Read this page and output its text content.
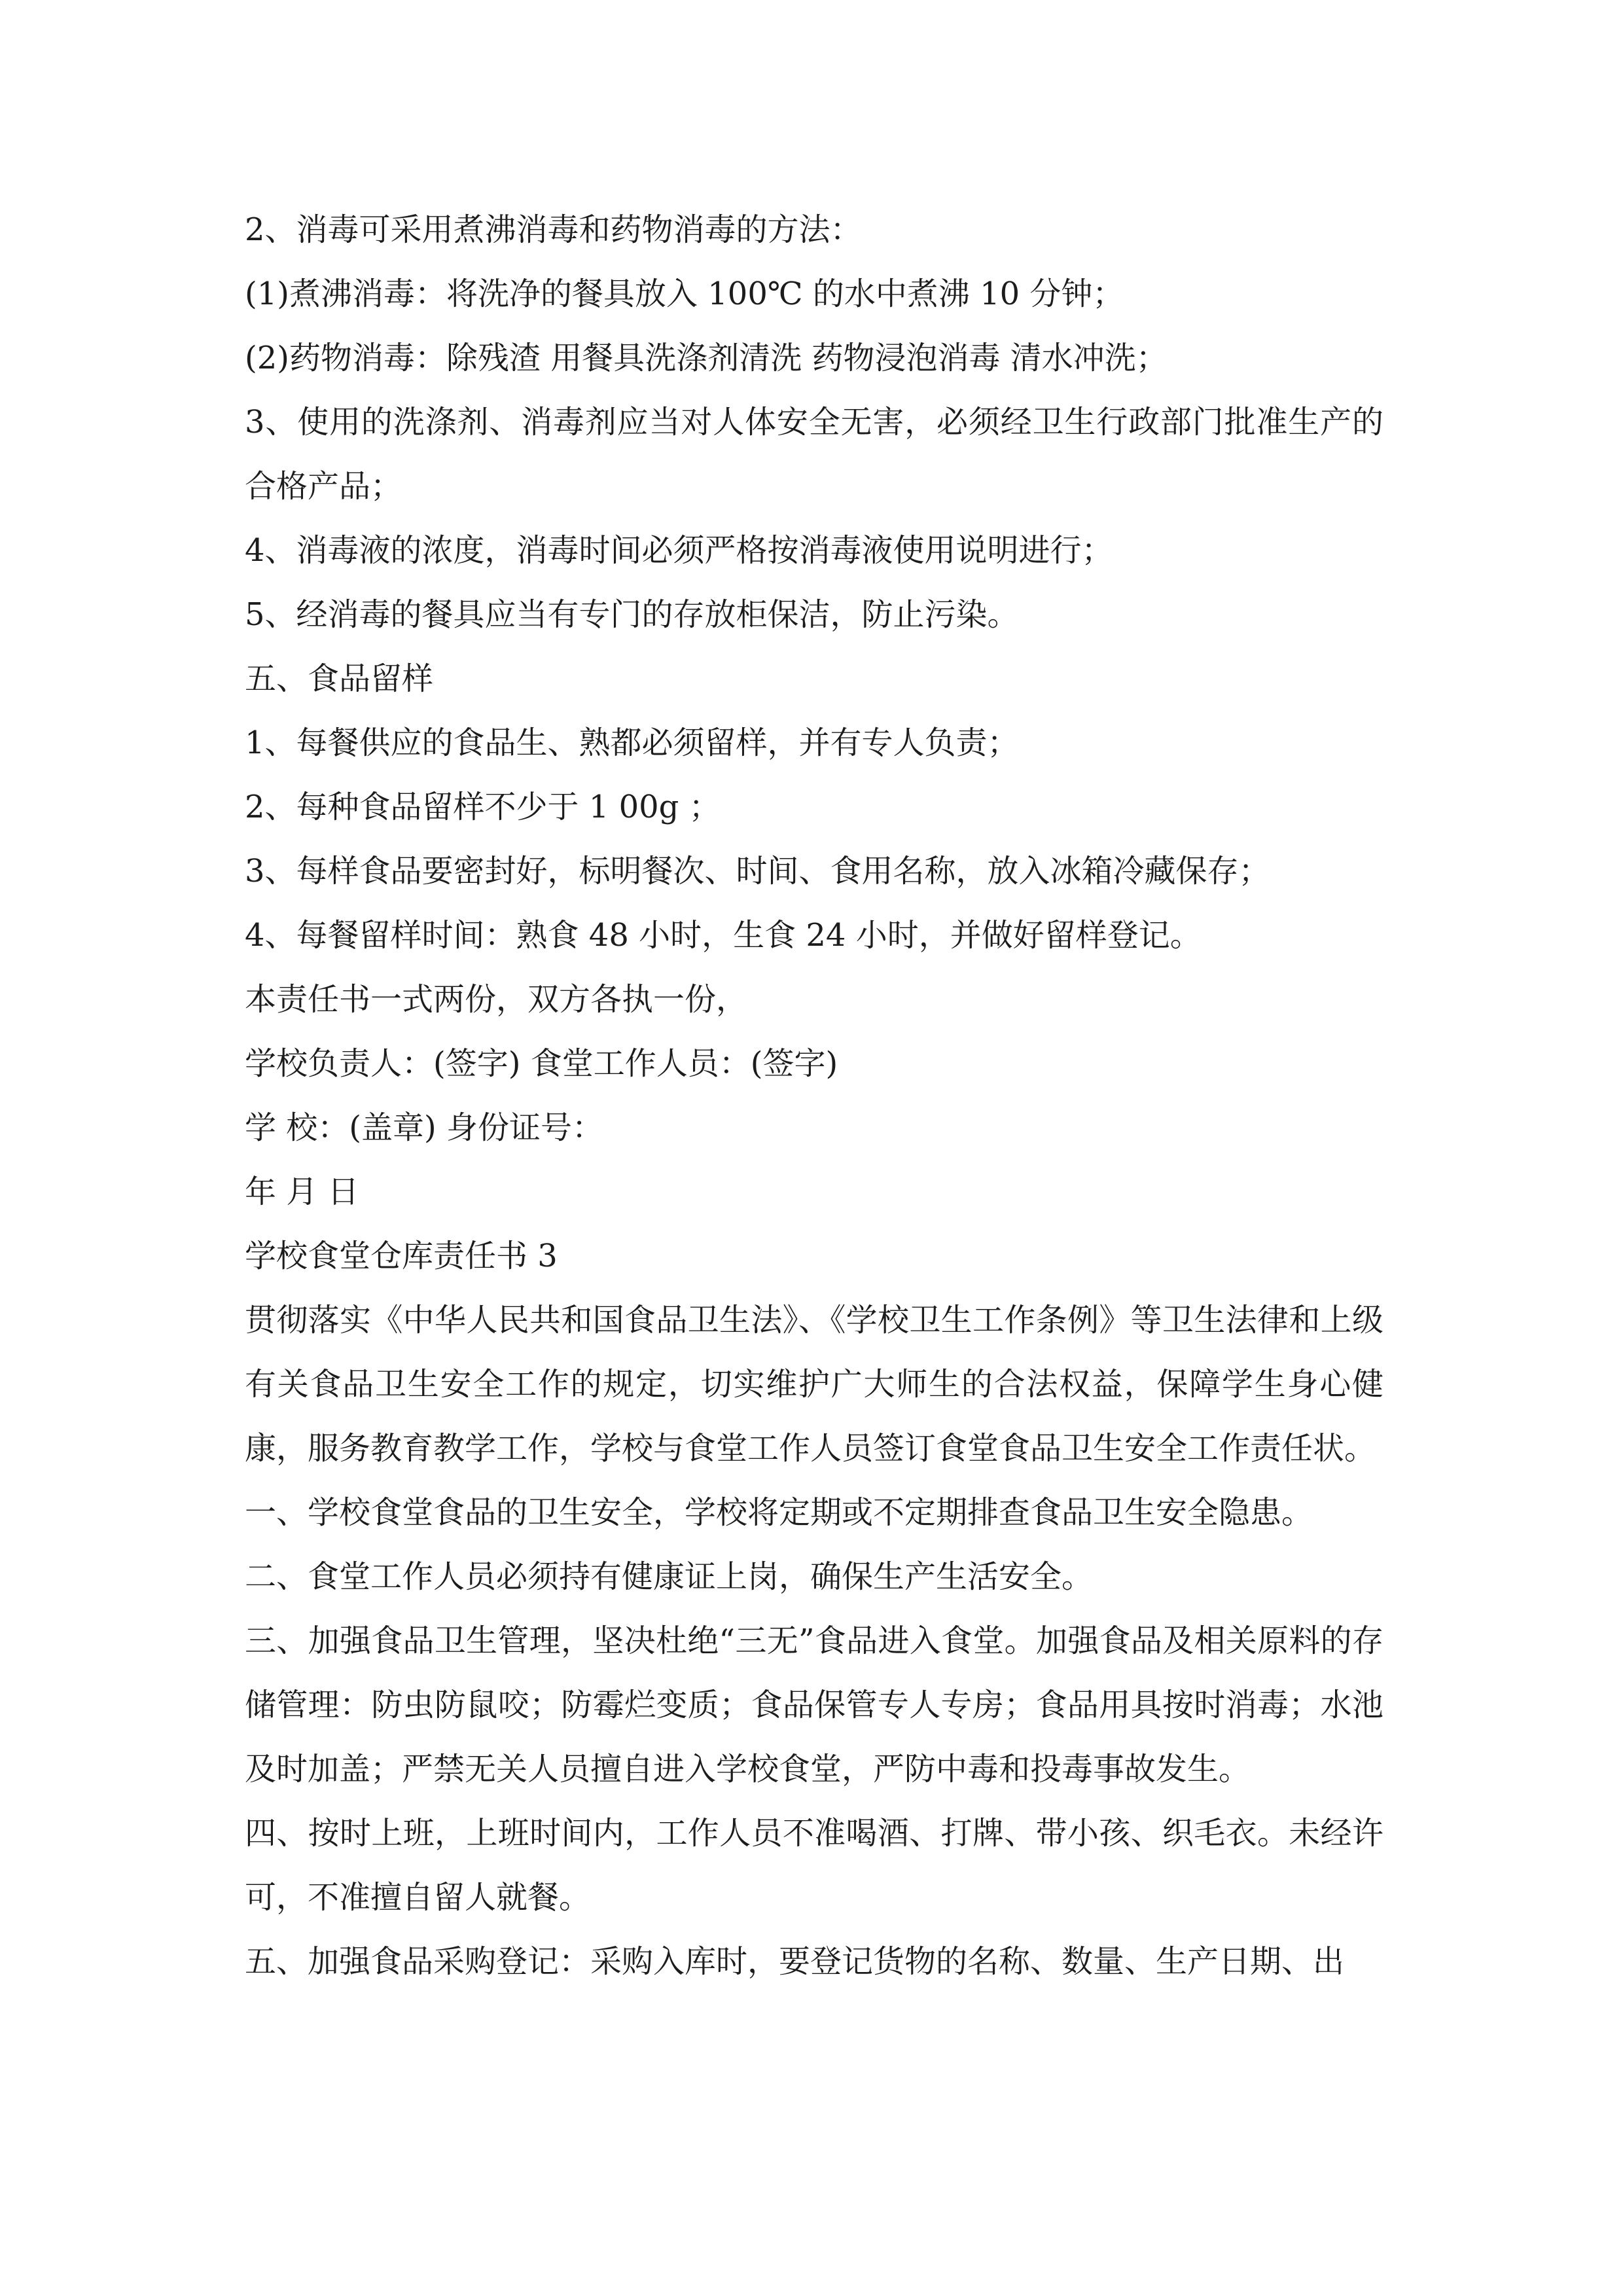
2、消毒可采用煮沸消毒和药物消毒的方法：

(1)煮沸消毒：将洗净的餐具放入 100℃ 的水中煮沸 10 分钟；

(2)药物消毒：除残渣 用餐具洗涤剂清洗 药物浸泡消毒 清水冲洗；

3、使用的洗涤剂、消毒剂应当对人体安全无害，必须经卫生行政部门批准生产的合格产品；

4、消毒液的浓度，消毒时间必须严格按消毒液使用说明进行；

5、经消毒的餐具应当有专门的存放柜保洁，防止污染。

五、食品留样

1、每餐供应的食品生、熟都必须留样，并有专人负责；

2、每种食品留样不少于 1 00g ；

3、每样食品要密封好，标明餐次、时间、食用名称，放入冰箱冷藏保存；

4、每餐留样时间：熟食 48 小时，生食 24 小时，并做好留样登记。

本责任书一式两份，双方各执一份，

学校负责人：(签字) 食堂工作人员：(签字)

学 校：(盖章) 身份证号：

年 月 日

学校食堂仓库责任书 3

贯彻落实《中华人民共和国食品卫生法》、《学校卫生工作条例》等卫生法律和上级有关食品卫生安全工作的规定，切实维护广大师生的合法权益，保障学生身心健康，服务教育教学工作，学校与食堂工作人员签订食堂食品卫生安全工作责任状。

一、学校食堂食品的卫生安全，学校将定期或不定期排查食品卫生安全隐患。

二、食堂工作人员必须持有健康证上岗，确保生产生活安全。

三、加强食品卫生管理，坚决杜绝“三无”食品进入食堂。加强食品及相关原料的存储管理：防虫防鼠咬；防霉烂变质；食品保管专人专房；食品用具按时消毒；水池及时加盖；严禁无关人员擅自进入学校食堂，严防中毒和投毒事故发生。

四、按时上班，上班时间内，工作人员不准喝酒、打牌、带小孩、织毛衣。未经许可，不准擅自留人就餐。

五、加强食品采购登记：采购入库时，要登记货物的名称、数量、生产日期、出
